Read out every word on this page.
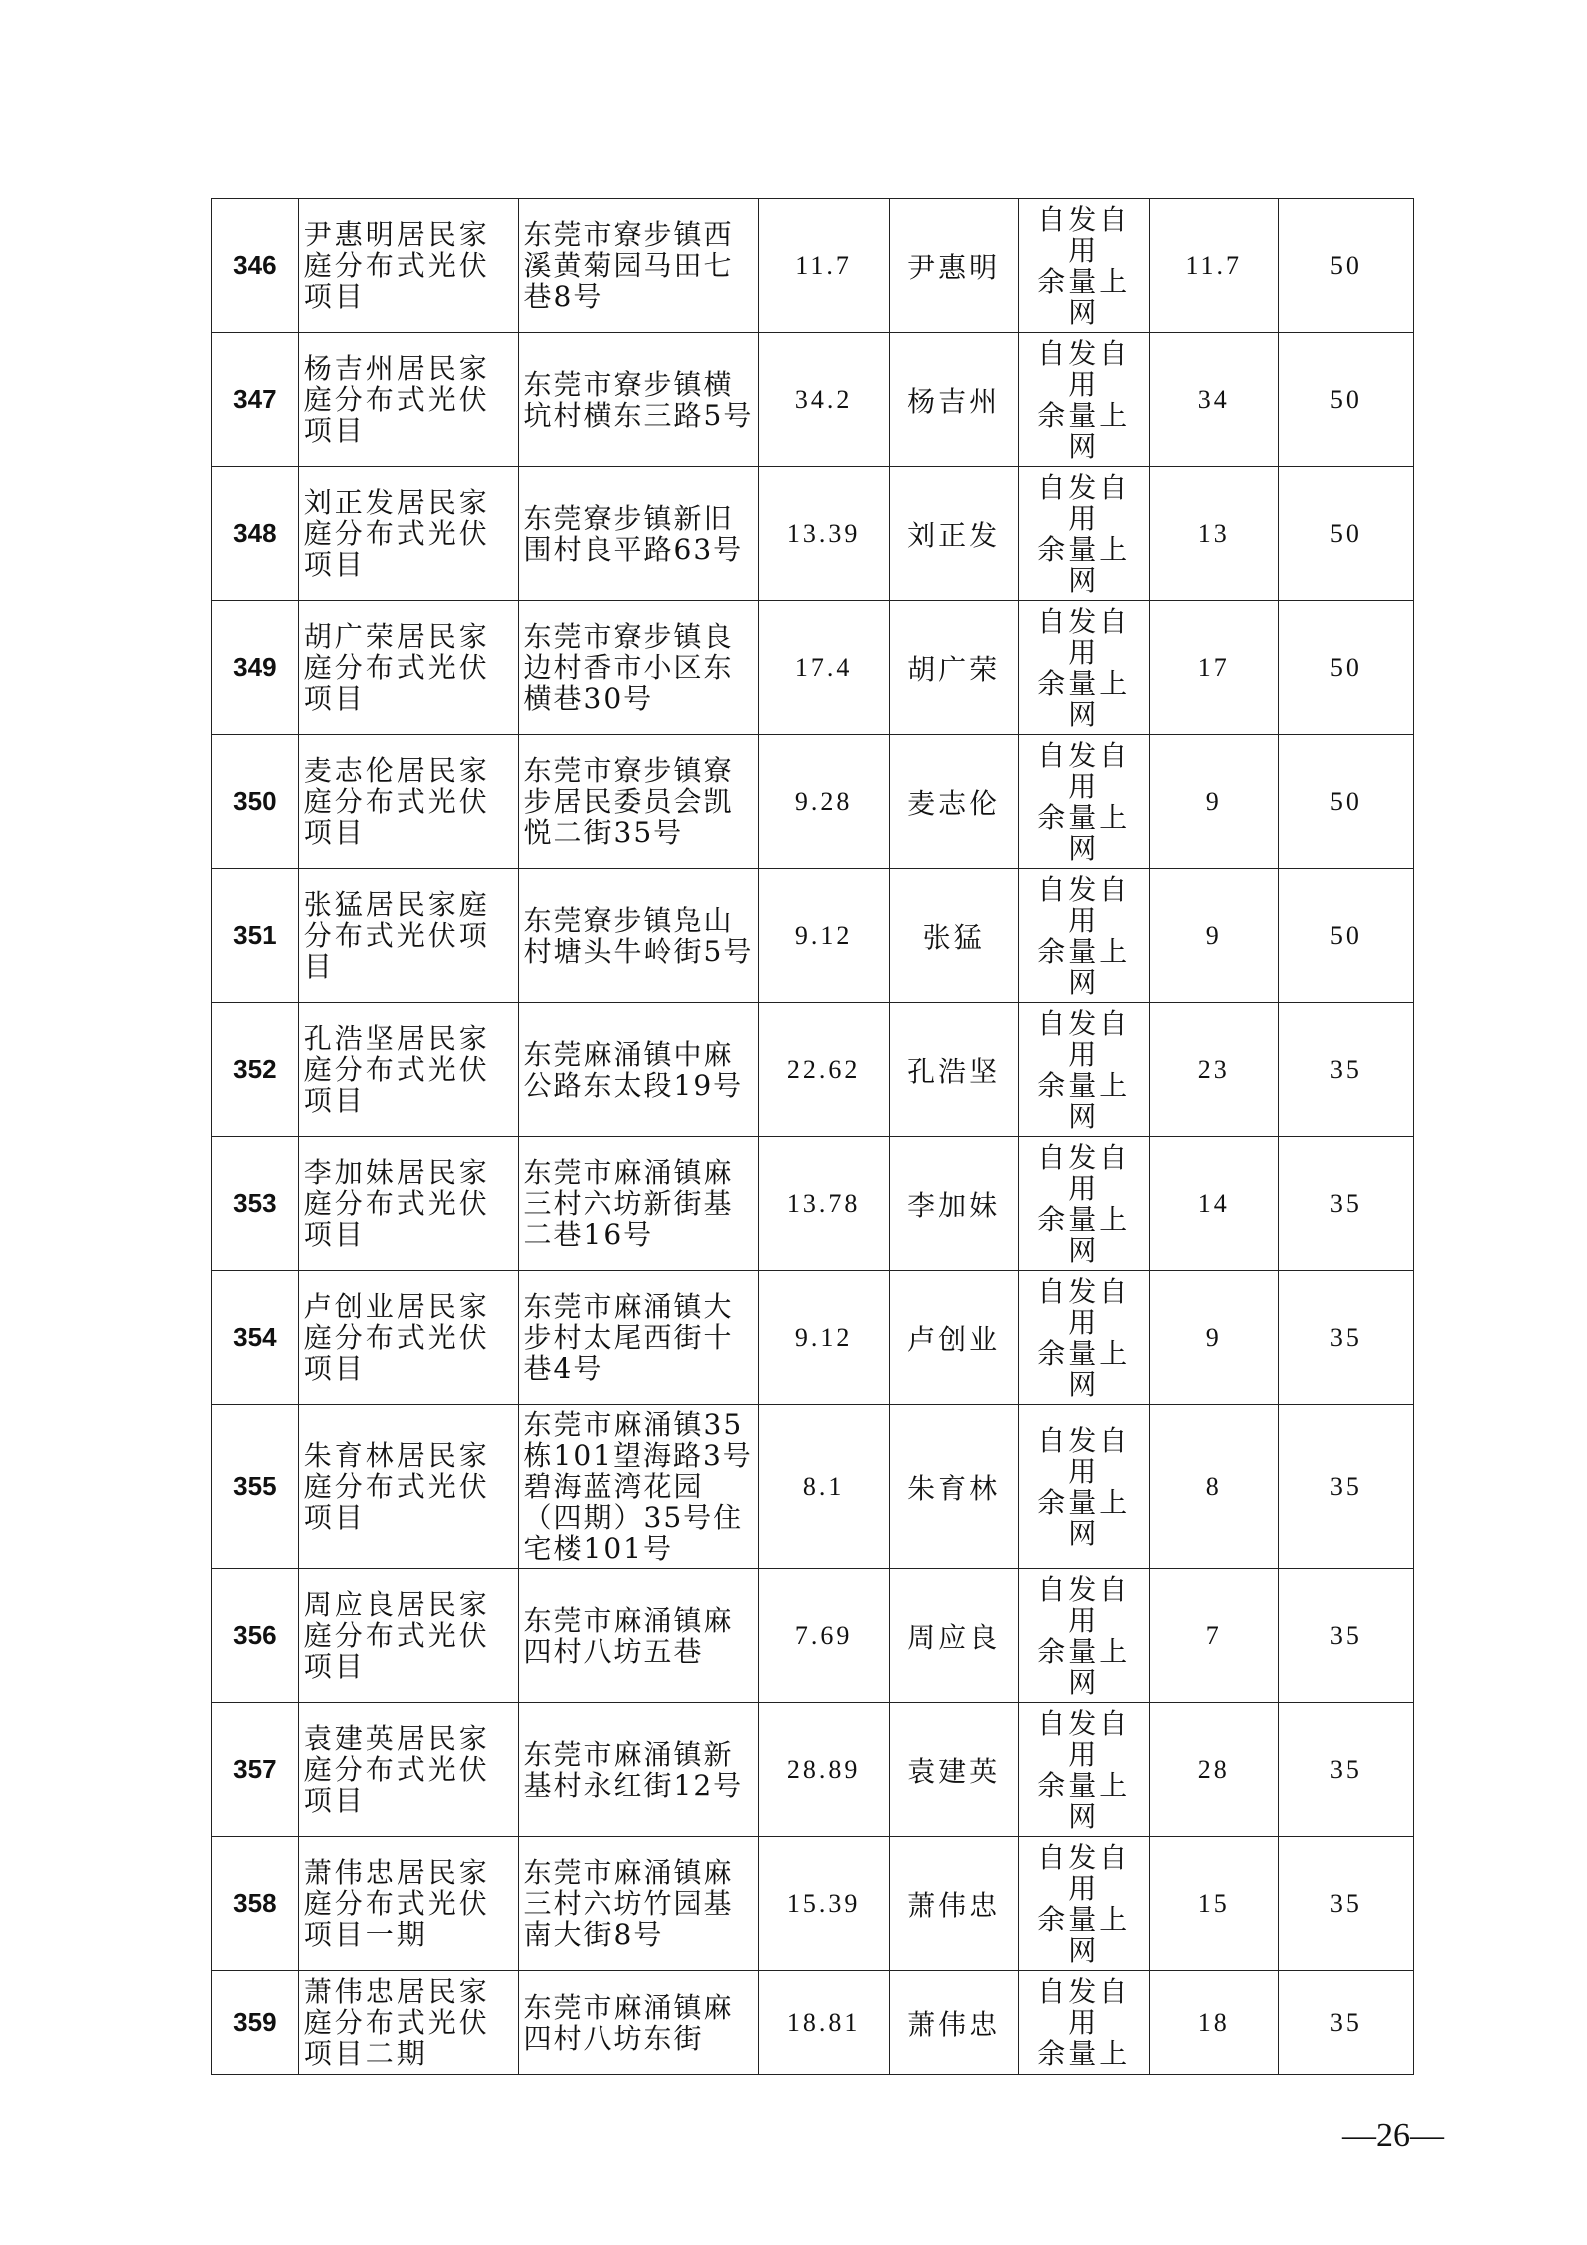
346	尹惠明居民家庭分布式光伏项目	东莞市寮步镇西溪黄菊园马田七巷8号	11.7	尹惠明	自发自
用
余量上
网	11.7	50
347	杨吉州居民家庭分布式光伏项目	东莞市寮步镇横坑村横东三路5号	34.2	杨吉州	自发自
用
余量上
网	34	50
348	刘正发居民家庭分布式光伏项目	东莞寮步镇新旧围村良平路63号	13.39	刘正发	自发自
用
余量上
网	13	50
349	胡广荣居民家庭分布式光伏项目	东莞市寮步镇良边村香市小区东横巷30号	17.4	胡广荣	自发自
用
余量上
网	17	50
350	麦志伦居民家庭分布式光伏项目	东莞市寮步镇寮步居民委员会凯悦二街35号	9.28	麦志伦	自发自
用
余量上
网	9	50
351	张猛居民家庭分布式光伏项目	东莞寮步镇凫山村塘头牛岭街5号	9.12	张猛	自发自
用
余量上
网	9	50
352	孔浩坚居民家庭分布式光伏项目	东莞麻涌镇中麻公路东太段19号	22.62	孔浩坚	自发自
用
余量上
网	23	35
353	李加妹居民家庭分布式光伏项目	东莞市麻涌镇麻三村六坊新街基二巷16号	13.78	李加妹	自发自
用
余量上
网	14	35
354	卢创业居民家庭分布式光伏项目	东莞市麻涌镇大步村太尾西街十巷4号	9.12	卢创业	自发自
用
余量上
网	9	35
355	朱育林居民家庭分布式光伏项目	东莞市麻涌镇35栋101望海路3号碧海蓝湾花园（四期）35号住宅楼101号	8.1	朱育林	自发自
用
余量上
网	8	35
356	周应良居民家庭分布式光伏项目	东莞市麻涌镇麻四村八坊五巷	7.69	周应良	自发自
用
余量上
网	7	35
357	袁建英居民家庭分布式光伏项目	东莞市麻涌镇新基村永红街12号	28.89	袁建英	自发自
用
余量上
网	28	35
358	萧伟忠居民家庭分布式光伏项目一期	东莞市麻涌镇麻三村六坊竹园基南大街8号	15.39	萧伟忠	自发自
用
余量上
网	15	35
359	萧伟忠居民家庭分布式光伏项目二期	东莞市麻涌镇麻四村八坊东街	18.81	萧伟忠	自发自
用
余量上	18	35
—26—
